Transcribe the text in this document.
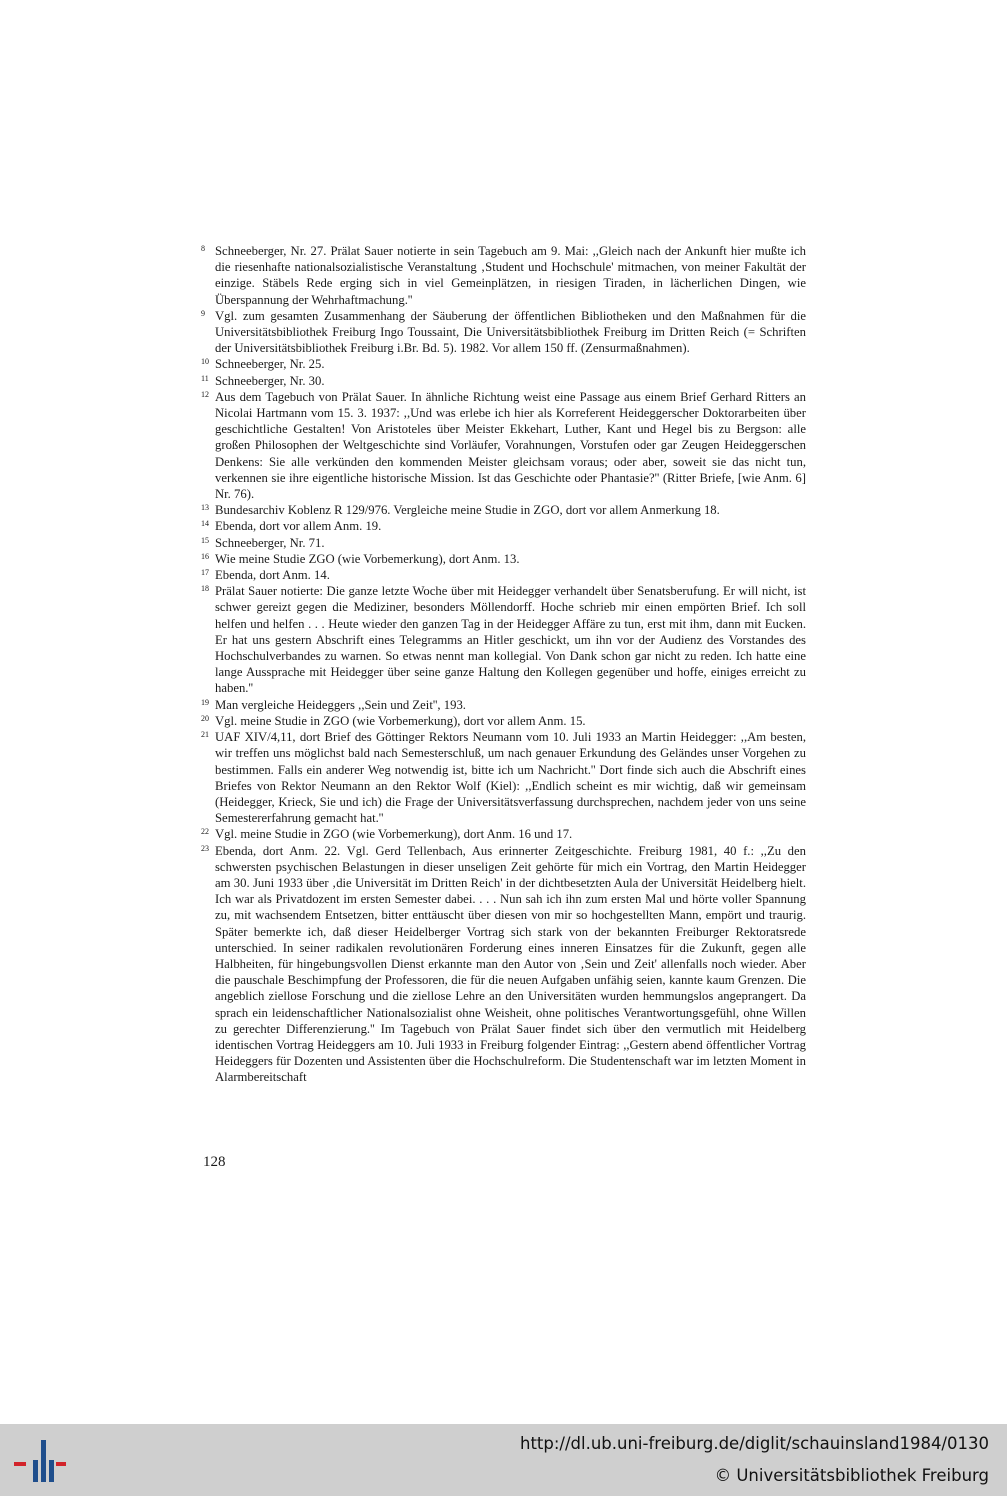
8 Schneeberger, Nr. 27. Prälat Sauer notierte in sein Tagebuch am 9. Mai: ,,Gleich nach der Ankunft hier mußte ich die riesenhafte nationalsozialistische Veranstaltung ‚Student und Hochschule' mitmachen, von meiner Fakultät der einzige. Stäbels Rede erging sich in viel Gemeinplätzen, in riesigen Tiraden, in lächerlichen Dingen, wie Überspannung der Wehrhaftmachung.''
9 Vgl. zum gesamten Zusammenhang der Säuberung der öffentlichen Bibliotheken und den Maßnahmen für die Universitätsbibliothek Freiburg Ingo Toussaint, Die Universitätsbibliothek Freiburg im Dritten Reich (= Schriften der Universitätsbibliothek Freiburg i.Br. Bd. 5). 1982. Vor allem 150 ff. (Zensurmaßnahmen).
10 Schneeberger, Nr. 25.
11 Schneeberger, Nr. 30.
12 Aus dem Tagebuch von Prälat Sauer. In ähnliche Richtung weist eine Passage aus einem Brief Gerhard Ritters an Nicolai Hartmann vom 15. 3. 1937: ,,Und was erlebe ich hier als Korreferent Heideggerscher Doktorarbeiten über geschichtliche Gestalten! Von Aristoteles über Meister Ekkehart, Luther, Kant und Hegel bis zu Bergson: alle großen Philosophen der Weltgeschichte sind Vorläufer, Vorahnungen, Vorstufen oder gar Zeugen Heideggerschen Denkens: Sie alle verkünden den kommenden Meister gleichsam voraus; oder aber, soweit sie das nicht tun, verkennen sie ihre eigentliche historische Mission. Ist das Geschichte oder Phantasie?'' (Ritter Briefe, [wie Anm. 6] Nr. 76).
13 Bundesarchiv Koblenz R 129/976. Vergleiche meine Studie in ZGO, dort vor allem Anmerkung 18.
14 Ebenda, dort vor allem Anm. 19.
15 Schneeberger, Nr. 71.
16 Wie meine Studie ZGO (wie Vorbemerkung), dort Anm. 13.
17 Ebenda, dort Anm. 14.
18 Prälat Sauer notierte: Die ganze letzte Woche über mit Heidegger verhandelt über Senatsberufung. Er will nicht, ist schwer gereizt gegen die Mediziner, besonders Möllendorff. Hoche schrieb mir einen empörten Brief. Ich soll helfen und helfen . . . Heute wieder den ganzen Tag in der Heidegger Affäre zu tun, erst mit ihm, dann mit Eucken. Er hat uns gestern Abschrift eines Telegramms an Hitler geschickt, um ihn vor der Audienz des Vorstandes des Hochschulverbandes zu warnen. So etwas nennt man kollegial. Von Dank schon gar nicht zu reden. Ich hatte eine lange Aussprache mit Heidegger über seine ganze Haltung den Kollegen gegenüber und hoffe, einiges erreicht zu haben.''
19 Man vergleiche Heideggers ,,Sein und Zeit'', 193.
20 Vgl. meine Studie in ZGO (wie Vorbemerkung), dort vor allem Anm. 15.
21 UAF XIV/4,11, dort Brief des Göttinger Rektors Neumann vom 10. Juli 1933 an Martin Heidegger: ,,Am besten, wir treffen uns möglichst bald nach Semesterschluß, um nach genauer Erkundung des Geländes unser Vorgehen zu bestimmen. Falls ein anderer Weg notwendig ist, bitte ich um Nachricht.'' Dort finde sich auch die Abschrift eines Briefes von Rektor Neumann an den Rektor Wolf (Kiel): ,,Endlich scheint es mir wichtig, daß wir gemeinsam (Heidegger, Krieck, Sie und ich) die Frage der Universitätsverfassung durchsprechen, nachdem jeder von uns seine Semestererfahrung gemacht hat.''
22 Vgl. meine Studie in ZGO (wie Vorbemerkung), dort Anm. 16 und 17.
23 Ebenda, dort Anm. 22. Vgl. Gerd Tellenbach, Aus erinnerter Zeitgeschichte. Freiburg 1981, 40 f.: ,,Zu den schwersten psychischen Belastungen in dieser unseligen Zeit gehörte für mich ein Vortrag, den Martin Heidegger am 30. Juni 1933 über ‚die Universität im Dritten Reich' in der dichtbesetzten Aula der Universität Heidelberg hielt. Ich war als Privatdozent im ersten Semester dabei. . . . Nun sah ich ihn zum ersten Mal und hörte voller Spannung zu, mit wachsendem Entsetzen, bitter enttäuscht über diesen von mir so hochgestellten Mann, empört und traurig. Später bemerkte ich, daß dieser Heidelberger Vortrag sich stark von der bekannten Freiburger Rektoratsrede unterschied. In seiner radikalen revolutionären Forderung eines inneren Einsatzes für die Zukunft, gegen alle Halbheiten, für hingebungsvollen Dienst erkannte man den Autor von ‚Sein und Zeit' allenfalls noch wieder. Aber die pauschale Beschimpfung der Professoren, die für die neuen Aufgaben unfähig seien, kannte kaum Grenzen. Die angeblich ziellose Forschung und die ziellose Lehre an den Universitäten wurden hemmungslos angeprangert. Da sprach ein leidenschaftlicher Nationalsozialist ohne Weisheit, ohne politisches Verantwortungsgefühl, ohne Willen zu gerechter Differenzierung.'' Im Tagebuch von Prälat Sauer findet sich über den vermutlich mit Heidelberg identischen Vortrag Heideggers am 10. Juli 1933 in Freiburg folgender Eintrag: ,,Gestern abend öffentlicher Vortrag Heideggers für Dozenten und Assistenten über die Hochschulreform. Die Studentenschaft war im letzten Moment in Alarmbereitschaft
128
http://dl.ub.uni-freiburg.de/diglit/schauinsland1984/0130
© Universitätsbibliothek Freiburg
